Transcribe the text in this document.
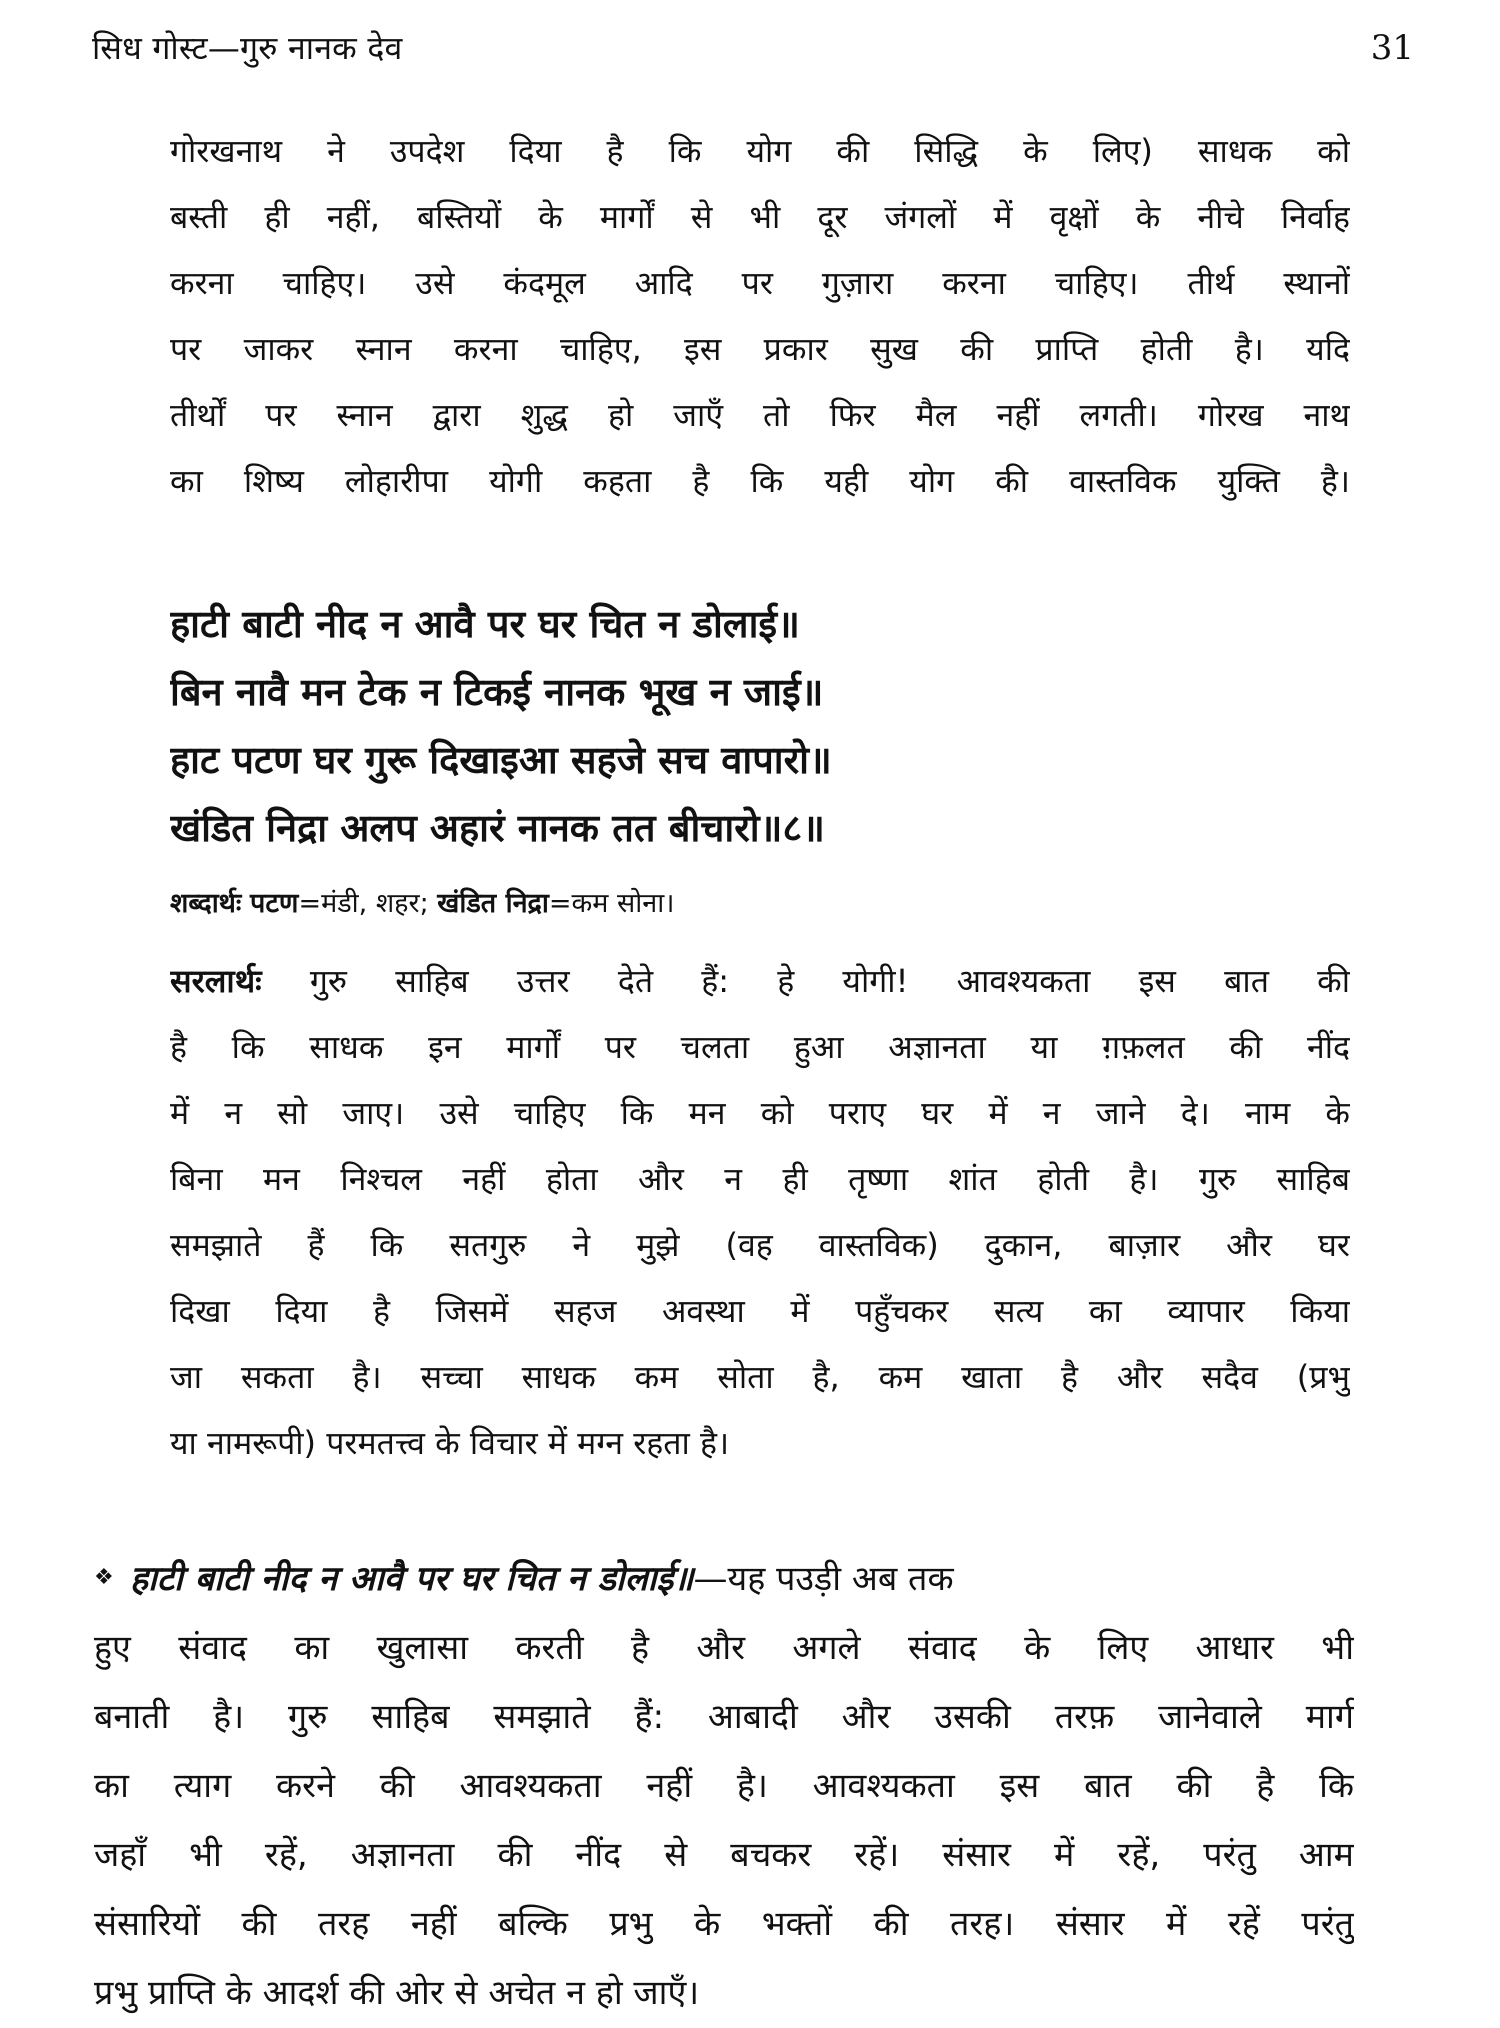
सिध गोस्ट—गुरु नानक देव	31
गोरखनाथ ने उपदेश दिया है कि योग की सिद्धि के लिए) साधक को
बस्ती ही नहीं, बस्तियों के मार्गों से भी दूर जंगलों में वृक्षों के नीचे निर्वाह
करना चाहिए। उसे कंदमूल आदि पर गुज़ारा करना चाहिए। तीर्थ स्थानों
पर जाकर स्नान करना चाहिए, इस प्रकार सुख की प्राप्ति होती है। यदि
तीर्थों पर स्नान द्वारा शुद्ध हो जाएँ तो फिर मैल नहीं लगती। गोरख नाथ
का शिष्य लोहारीपा योगी कहता है कि यही योग की वास्तविक युक्ति है।
हाटी बाटी नीद न आवै पर घर चित न डोलाई॥
बिन नावै मन टेक न टिकई नानक भूख न जाई॥
हाट पटण घर गुरू दिखाइआ सहजे सच वापारो॥
खंडित निद्रा अलप अहारं नानक तत बीचारो॥८॥
शब्दार्थः पटण=मंडी, शहर; खंडित निद्रा=कम सोना।
सरलार्थः गुरु साहिब उत्तर देते हैं: हे योगी! आवश्यकता इस बात की
है कि साधक इन मार्गों पर चलता हुआ अज्ञानता या ग़फ़लत की नींद
में न सो जाए। उसे चाहिए कि मन को पराए घर में न जाने दे। नाम के
बिना मन निश्चल नहीं होता और न ही तृष्णा शांत होती है। गुरु साहिब
समझाते हैं कि सतगुरु ने मुझे (वह वास्तविक) दुकान, बाज़ार और घर
दिखा दिया है जिसमें सहज अवस्था में पहुँचकर सत्य का व्यापार किया
जा सकता है। सच्चा साधक कम सोता है, कम खाता है और सदैव (प्रभु
या नामरूपी) परमतत्त्व के विचार में मग्न रहता है।
❖ हाटी बाटी नीद न आवै पर घर चित न डोलाई॥—यह पउड़ी अब तक
हुए संवाद का खुलासा करती है और अगले संवाद के लिए आधार भी
बनाती है। गुरु साहिब समझाते हैं: आबादी और उसकी तरफ़ जानेवाले मार्ग
का त्याग करने की आवश्यकता नहीं है। आवश्यकता इस बात की है कि
जहाँ भी रहें, अज्ञानता की नींद से बचकर रहें। संसार में रहें, परंतु आम
संसारियों की तरह नहीं बल्कि प्रभु के भक्तों की तरह। संसार में रहें परंतु
प्रभु प्राप्ति के आदर्श की ओर से अचेत न हो जाएँ।
